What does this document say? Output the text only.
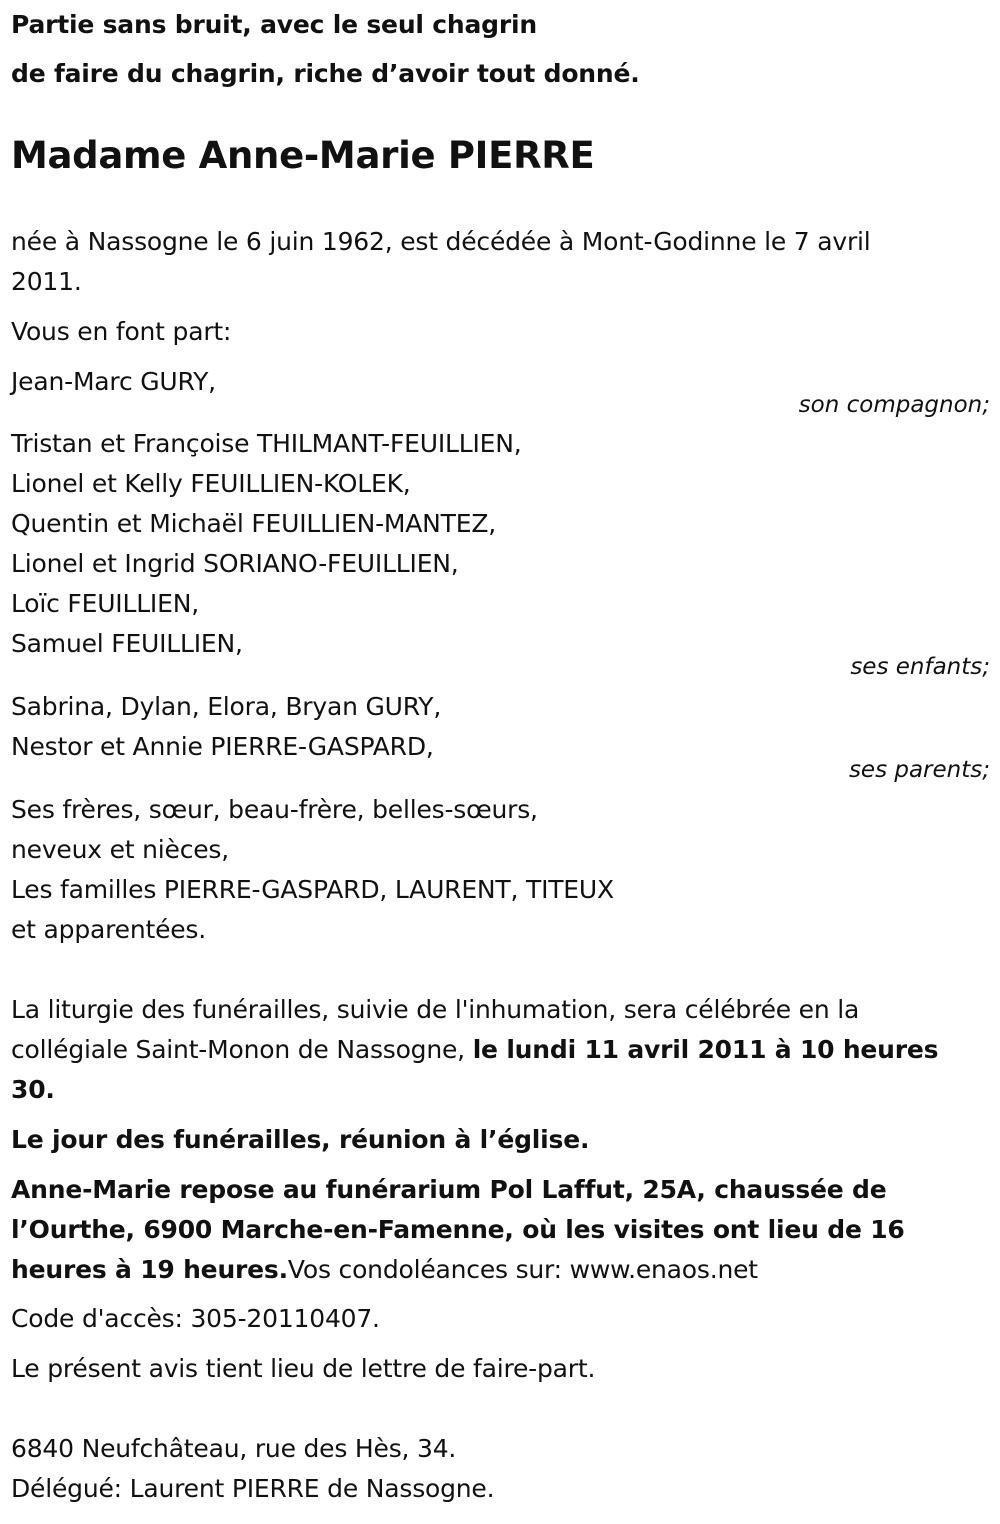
Partie sans bruit, avec le seul chagrin
de faire du chagrin, riche d’avoir tout donné.
Madame Anne-Marie PIERRE
née à Nassogne le 6 juin 1962, est décédée à Mont-Godinne le 7 avril
2011.
Vous en font part:
Jean-Marc GURY,
son compagnon;
Tristan et Françoise THILMANT-FEUILLIEN,
Lionel et Kelly FEUILLIEN-KOLEK,
Quentin et Michaël FEUILLIEN-MANTEZ,
Lionel et Ingrid SORIANO-FEUILLIEN,
Loïc FEUILLIEN,
Samuel FEUILLIEN,
ses enfants;
Sabrina, Dylan, Elora, Bryan GURY,
Nestor et Annie PIERRE-GASPARD,
ses parents;
Ses frères, sœur, beau-frère, belles-sœurs,
neveux et nièces,
Les familles PIERRE-GASPARD, LAURENT, TITEUX
et apparentées.
La liturgie des funérailles, suivie de l'inhumation, sera célébrée en la
collégiale Saint-Monon de Nassogne, le lundi 11 avril 2011 à 10 heures
30.
Le jour des funérailles, réunion à l’église.
Anne-Marie repose au funérarium Pol Laffut, 25A, chaussée de
l’Ourthe, 6900 Marche-en-Famenne, où les visites ont lieu de 16
heures à 19 heures.Vos condoléances sur: www.enaos.net
Code d'accès: 305-20110407.
Le présent avis tient lieu de lettre de faire-part.
6840 Neufchâteau, rue des Hès, 34.
Délégué: Laurent PIERRE de Nassogne.
